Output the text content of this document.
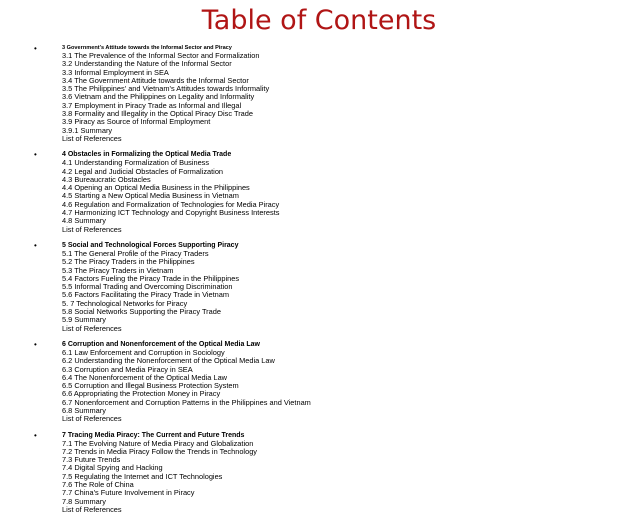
Table of Contents
•	3 Government's Attitude towards the Informal Sector and Piracy
3.1 The Prevalence of the Informal Sector and Formalization
3.2 Understanding the Nature of the Informal Sector
3.3 Informal Employment in SEA
3.4 The Government Attitude towards the Informal Sector
3.5 The Philippines' and Vietnam's Attitudes towards Informality
3.6 Vietnam and the Philippines on Legality and Informality
3.7 Employment in Piracy Trade as Informal and Illegal
3.8 Formality and Illegality in the Optical Piracy Disc Trade
3.9 Piracy as Source of Informal Employment
3.9.1 Summary
List of References
•	4 Obstacles in Formalizing the Optical Media Trade
4.1 Understanding Formalization of Business
4.2 Legal and Judicial Obstacles of Formalization
4.3 Bureaucratic Obstacles
4.4 Opening an Optical Media Business in the Philippines
4.5 Starting a New Optical Media Business in Vietnam
4.6 Regulation and Formalization of Technologies for Media Piracy
4.7 Harmonizing ICT Technology and Copyright Business Interests
4.8 Summary
List of References
•	5 Social and Technological Forces Supporting Piracy
5.1 The General Profile of the Piracy Traders
5.2 The Piracy Traders in the Philippines
5.3 The Piracy Traders in Vietnam
5.4 Factors Fueling the Piracy Trade in the Philippines
5.5 Informal Trading and Overcoming Discrimination
5.6 Factors Facilitating the Piracy Trade in Vietnam
5. 7 Technological Networks for Piracy
5.8 Social Networks Supporting the Piracy Trade
5.9 Summary
List of References
•	6 Corruption and Nonenforcement of the Optical Media Law
6.1 Law Enforcement and Corruption in Sociology
6.2 Understanding the Nonenforcement of the Optical Media Law
6.3 Corruption and Media Piracy in SEA
6.4 The Nonenforcement of the Optical Media Law
6.5 Corruption and Illegal Business Protection System
6.6 Appropriating the Protection Money in Piracy
6.7 Nonenforcement and Corruption Patterns in the Philippines and Vietnam
6.8 Summary
List of References
•	7 Tracing Media Piracy: The Current and Future Trends
7.1 The Evolving Nature of Media Piracy and Globalization
7.2 Trends in Media Piracy Follow the Trends in Technology
7.3 Future Trends
7.4 Digital Spying and Hacking
7.5 Regulating the Internet and ICT Technologies
7.6 The Role of China
7.7 China's Future Involvement in Piracy
7.8 Summary
List of References
